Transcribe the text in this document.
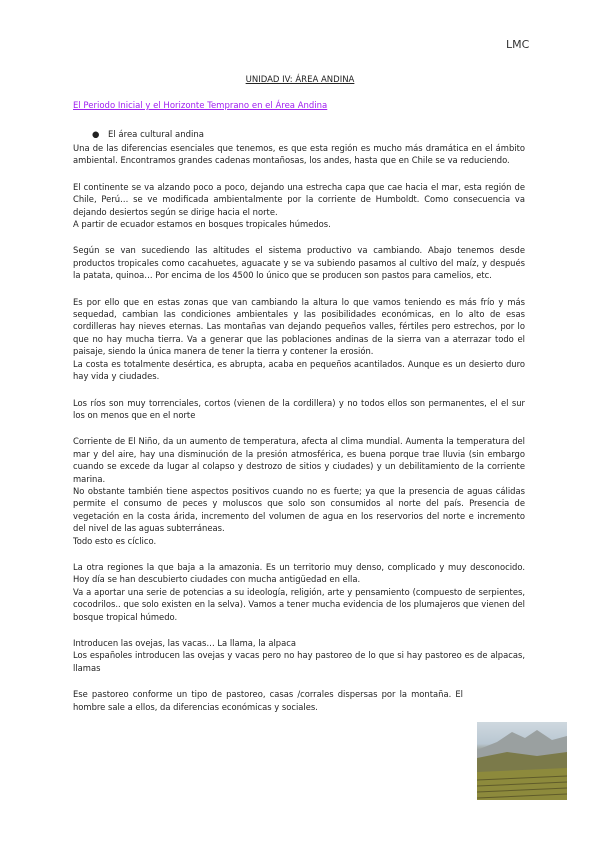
LMC
UNIDAD IV: ÁREA ANDINA
El Periodo Inicial y el Horizonte Temprano en el Área Andina
● El área cultural andina

Una de las diferencias esenciales que tenemos, es que esta región es mucho más dramática en el ámbito ambiental. Encontramos grandes cadenas montañosas, los andes, hasta que en Chile se va reduciendo.

El continente se va alzando poco a poco, dejando una estrecha capa que cae hacia el mar, esta región de Chile, Perú… se ve modificada ambientalmente por la corriente de Humboldt. Como consecuencia va dejando desiertos según se dirige hacia el norte.

A partir de ecuador estamos en bosques tropicales húmedos.

Según se van sucediendo las altitudes el sistema productivo va cambiando. Abajo tenemos desde productos tropicales como cacahuetes, aguacate y se va subiendo pasamos al cultivo del maíz, y después la patata, quinoa… Por encima de los 4500 lo único que se producen son pastos para camelios, etc.

Es por ello que en estas zonas que van cambiando la altura lo que vamos teniendo es más frío y más sequedad, cambian las condiciones ambientales y las posibilidades económicas, en lo alto de esas cordilleras hay nieves eternas. Las montañas van dejando pequeños valles, fértiles pero estrechos, por lo que no hay mucha tierra. Va a generar que las poblaciones andinas de la sierra van a aterrazar todo el paisaje, siendo la única manera de tener la tierra y contener la erosión.

La costa es totalmente desértica, es abrupta, acaba en pequeños acantilados. Aunque es un desierto duro hay vida y ciudades.

Los ríos son muy torrenciales, cortos (vienen de la cordillera) y no todos ellos son permanentes, el el sur los on menos que en el norte

Corriente de El Niño, da un aumento de temperatura, afecta al clima mundial. Aumenta la temperatura del mar y del aire, hay una disminución de la presión atmosférica, es buena porque trae lluvia (sin embargo cuando se excede da lugar al colapso y destrozo de sitios y ciudades) y un debilitamiento de la corriente marina.

No obstante también tiene aspectos positivos cuando no es fuerte; ya que la presencia de aguas cálidas permite el consumo de peces y moluscos que solo son consumidos al norte del país. Presencia de vegetación en la costa árida, incremento del volumen de agua en los reservorios del norte e incremento del nivel de las aguas subterráneas.

Todo esto es cíclico.

La otra regiones la que baja a la amazonia. Es un territorio muy denso, complicado y muy desconocido. Hoy día se han descubierto ciudades con mucha antigüedad en ella.

Va a aportar una serie de potencias a su ideología, religión, arte y pensamiento (compuesto de serpientes, cocodrilos.. que solo existen en la selva). Vamos a tener mucha evidencia de los plumajeros que vienen del bosque tropical húmedo.

Introducen las ovejas, las vacas… La llama, la alpaca

Los españoles introducen las ovejas y vacas pero no hay pastoreo de lo que si hay pastoreo es de alpacas, llamas

Ese pastoreo conforme un tipo de pastoreo, casas /corrales dispersas por la montaña. El hombre sale a ellos, da diferencias económicas y sociales.
